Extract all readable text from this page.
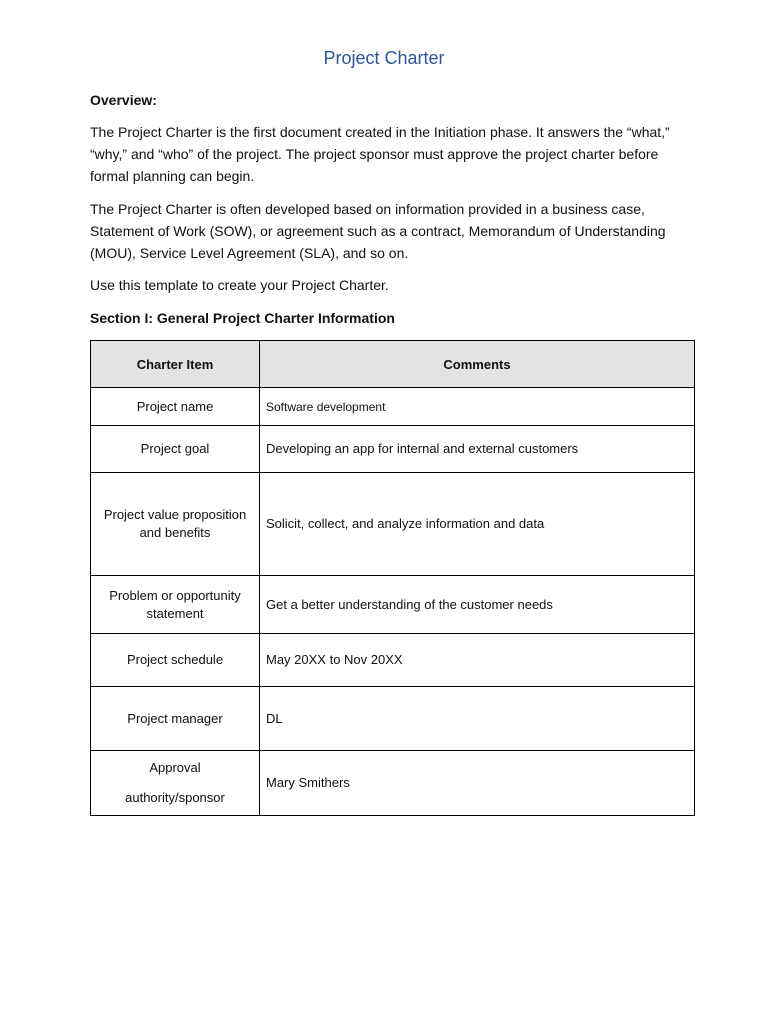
Project Charter
Overview:
The Project Charter is the first document created in the Initiation phase. It answers the “what,” “why,” and “who” of the project. The project sponsor must approve the project charter before formal planning can begin.
The Project Charter is often developed based on information provided in a business case, Statement of Work (SOW), or agreement such as a contract, Memorandum of Understanding (MOU), Service Level Agreement (SLA), and so on.
Use this template to create your Project Charter.
Section I: General Project Charter Information
Charter Item	Comments
Project name	Software development
Project goal	Developing an app for internal and external customers
Project value proposition and benefits	Solicit, collect, and analyze information and data
Problem or opportunity statement	Get a better understanding of the customer needs
Project schedule	May 20XX to Nov 20XX
Project manager	DL

Approval
authority/sponsor	Mary Smithers
